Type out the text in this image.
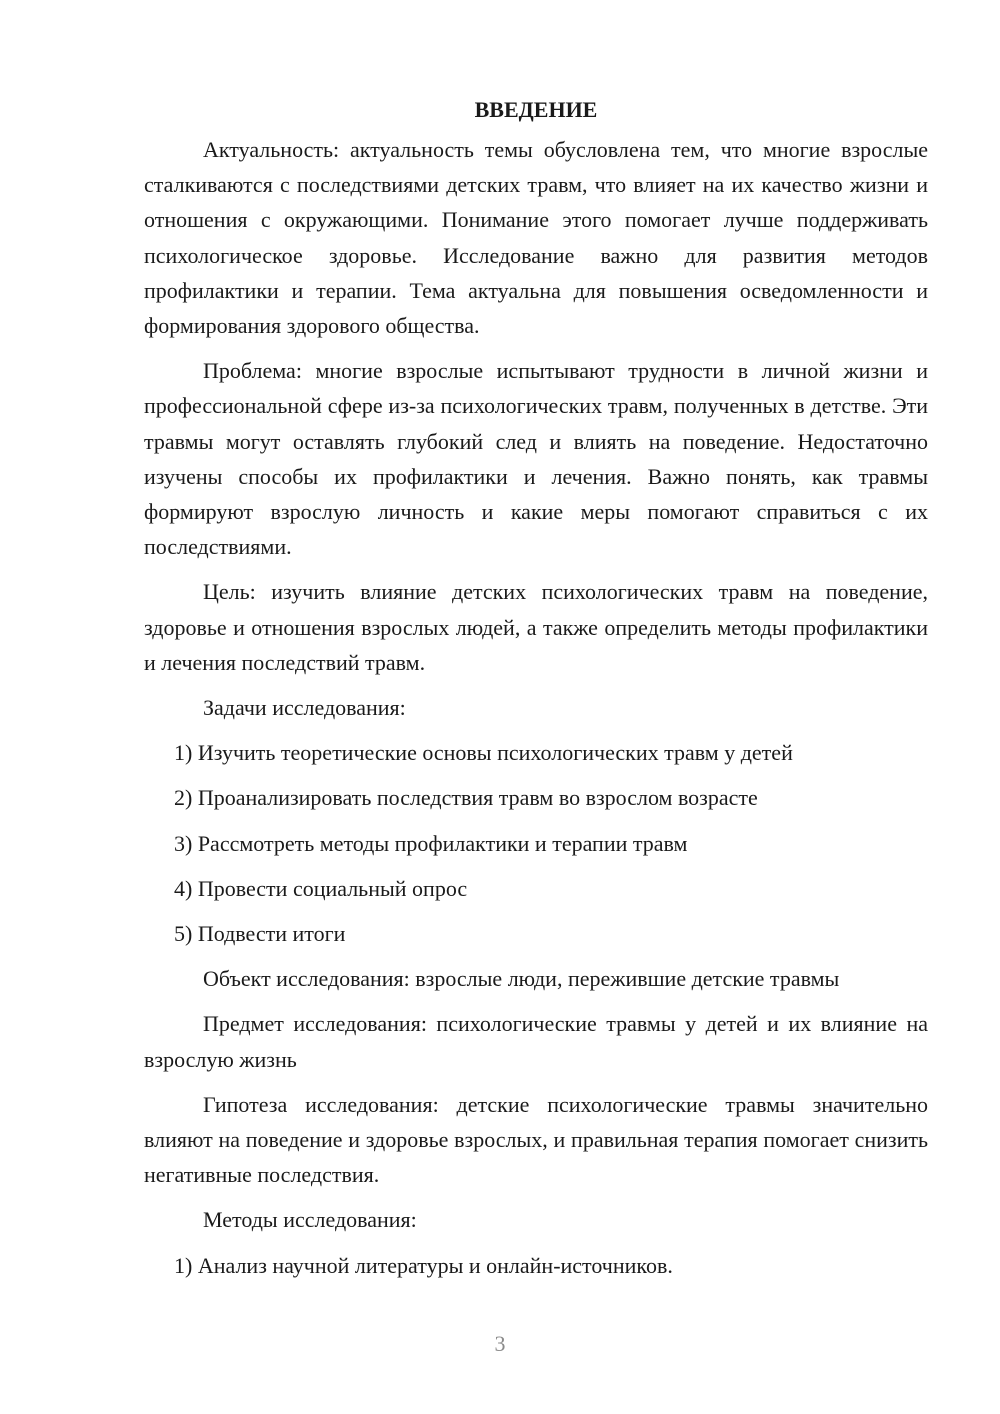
ВВЕДЕНИЕ

Актуальность: актуальность темы обусловлена тем, что многие взрослые сталкиваются с последствиями детских травм, что влияет на их качество жизни и отношения с окружающими. Понимание этого помогает лучше поддерживать психологическое здоровье. Исследование важно для развития методов профилактики и терапии. Тема актуальна для повышения осведомленности и формирования здорового общества.

Проблема: многие взрослые испытывают трудности в личной жизни и профессиональной сфере из-за психологических травм, полученных в детстве. Эти травмы могут оставлять глубокий след и влиять на поведение. Недостаточно изучены способы их профилактики и лечения. Важно понять, как травмы формируют взрослую личность и какие меры помогают справиться с их последствиями.

Цель: изучить влияние детских психологических травм на поведение, здоровье и отношения взрослых людей, а также определить методы профилактики и лечения последствий травм.

Задачи исследования:
1) Изучить теоретические основы психологических травм у детей
2) Проанализировать последствия травм во взрослом возрасте
3) Рассмотреть методы профилактики и терапии травм
4) Провести социальный опрос
5) Подвести итоги
Объект исследования: взрослые люди, пережившие детские травмы

Предмет исследования: психологические травмы у детей и их влияние на взрослую жизнь

Гипотеза исследования: детские психологические травмы значительно влияют на поведение и здоровье взрослых, и правильная терапия помогает снизить негативные последствия.

Методы исследования:
1) Анализ научной литературы и онлайн-источников.
3
